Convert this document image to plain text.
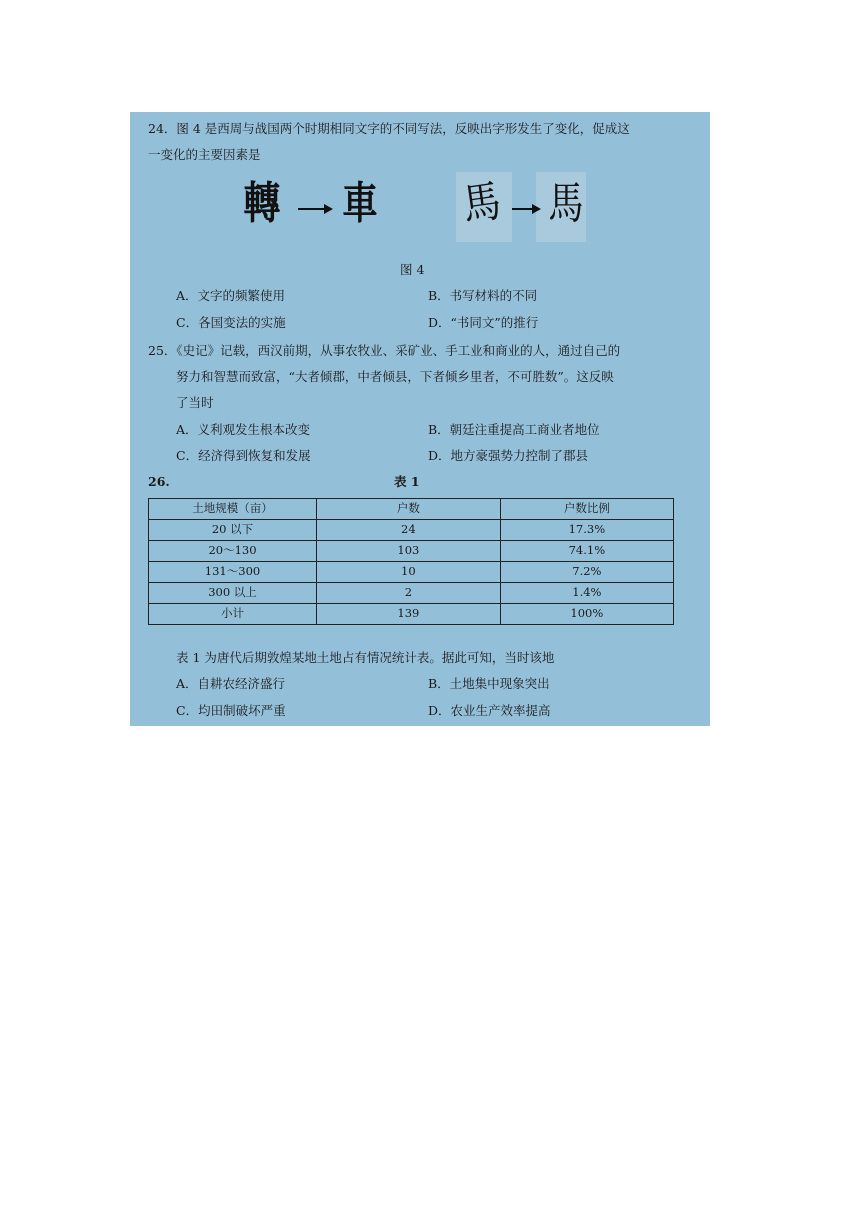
24．图 4 是西周与战国两个时期相同文字的不同写法，反映出字形发生了变化，促成这
一变化的主要因素是
轉 車 馬 馬
图 4
A．文字的频繁使用	B．书写材料的不同
C．各国变法的实施	D．“书同文”的推行
25．《史记》记载，西汉前期，从事农牧业、采矿业、手工业和商业的人，通过自己的
努力和智慧而致富，“大者倾郡，中者倾县，下者倾乡里者，不可胜数”。这反映
了当时
A．义利观发生根本改变	B．朝廷注重提高工商业者地位
C．经济得到恢复和发展	D．地方豪强势力控制了郡县
26.	表 1
土地规模（亩）	户数	户数比例
20 以下	24	17.3%
20～130	103	74.1%
131～300	10	7.2%
300 以上	2	1.4%
小计	139	100%
表 1 为唐代后期敦煌某地土地占有情况统计表。据此可知，当时该地
A．自耕农经济盛行	B．土地集中现象突出
C．均田制破坏严重	D．农业生产效率提高
